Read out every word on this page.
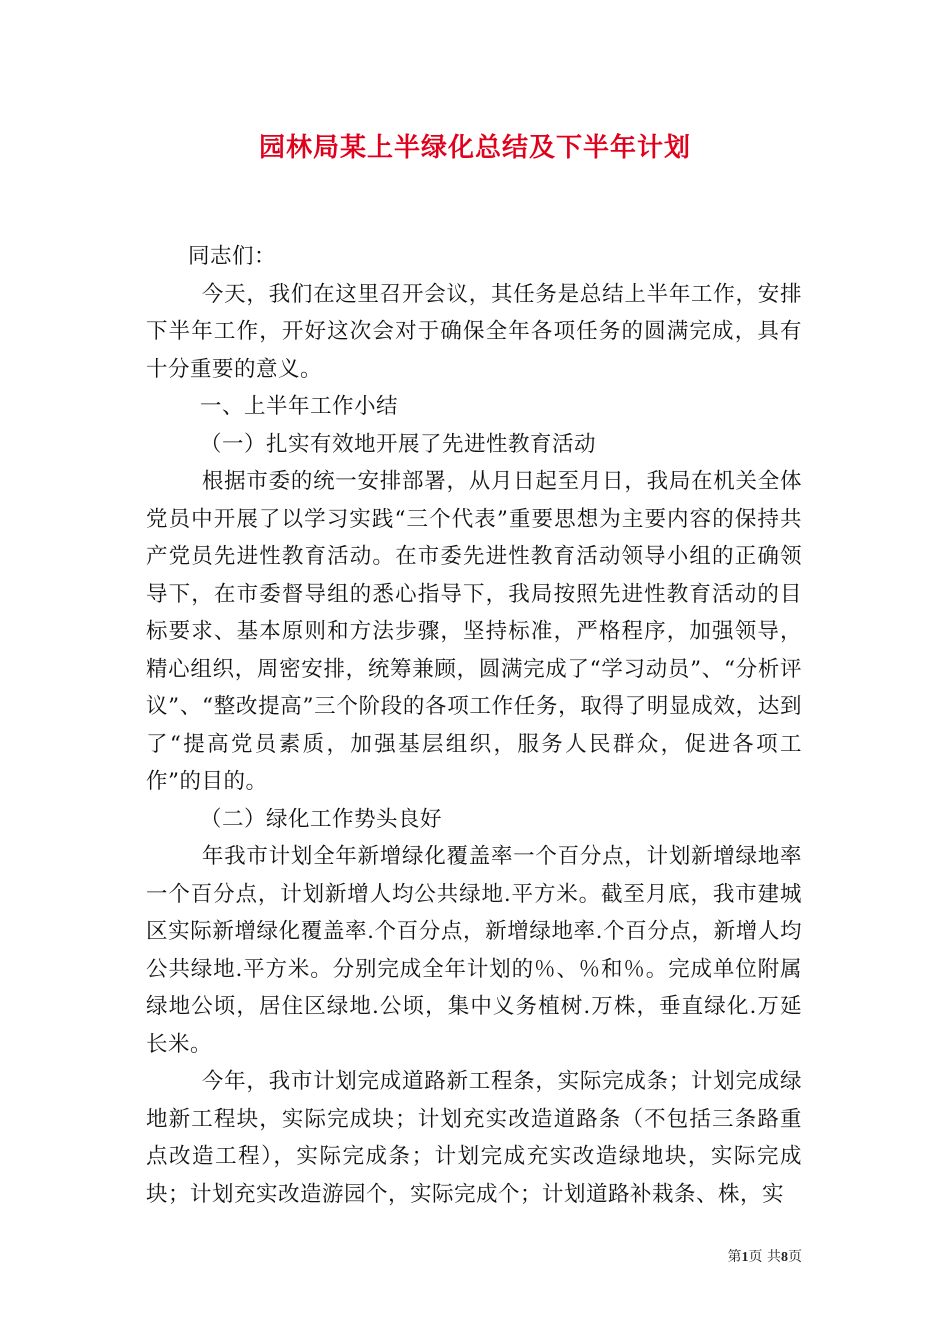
园林局某上半绿化总结及下半年计划

同志们：

今天，我们在这里召开会议，其任务是总结上半年工作，安排下半年工作，开好这次会对于确保全年各项任务的圆满完成，具有十分重要的意义。

一、上半年工作小结

（一）扎实有效地开展了先进性教育活动

根据市委的统一安排部署，从月日起至月日，我局在机关全体党员中开展了以学习实践“三个代表”重要思想为主要内容的保持共产党员先进性教育活动。在市委先进性教育活动领导小组的正确领导下，在市委督导组的悉心指导下，我局按照先进性教育活动的目标要求、基本原则和方法步骤，坚持标准，严格程序，加强领导，精心组织，周密安排，统筹兼顾，圆满完成了“学习动员”、“分析评议”、“整改提高”三个阶段的各项工作任务，取得了明显成效，达到了“提高党员素质，加强基层组织，服务人民群众，促进各项工作”的目的。

（二）绿化工作势头良好

年我市计划全年新增绿化覆盖率一个百分点，计划新增绿地率一个百分点，计划新增人均公共绿地.平方米。截至月底，我市建城区实际新增绿化覆盖率.个百分点，新增绿地率.个百分点，新增人均公共绿地.平方米。分别完成全年计划的％、％和％。完成单位附属绿地公顷，居住区绿地.公顷，集中义务植树.万株，垂直绿化.万延长米。

今年，我市计划完成道路新工程条，实际完成条；计划完成绿地新工程块，实际完成块；计划充实改造道路条（不包括三条路重点改造工程），实际完成条；计划完成充实改造绿地块，实际完成块；计划充实改造游园个，实际完成个；计划道路补栽条、株，实

第1页 共8页
